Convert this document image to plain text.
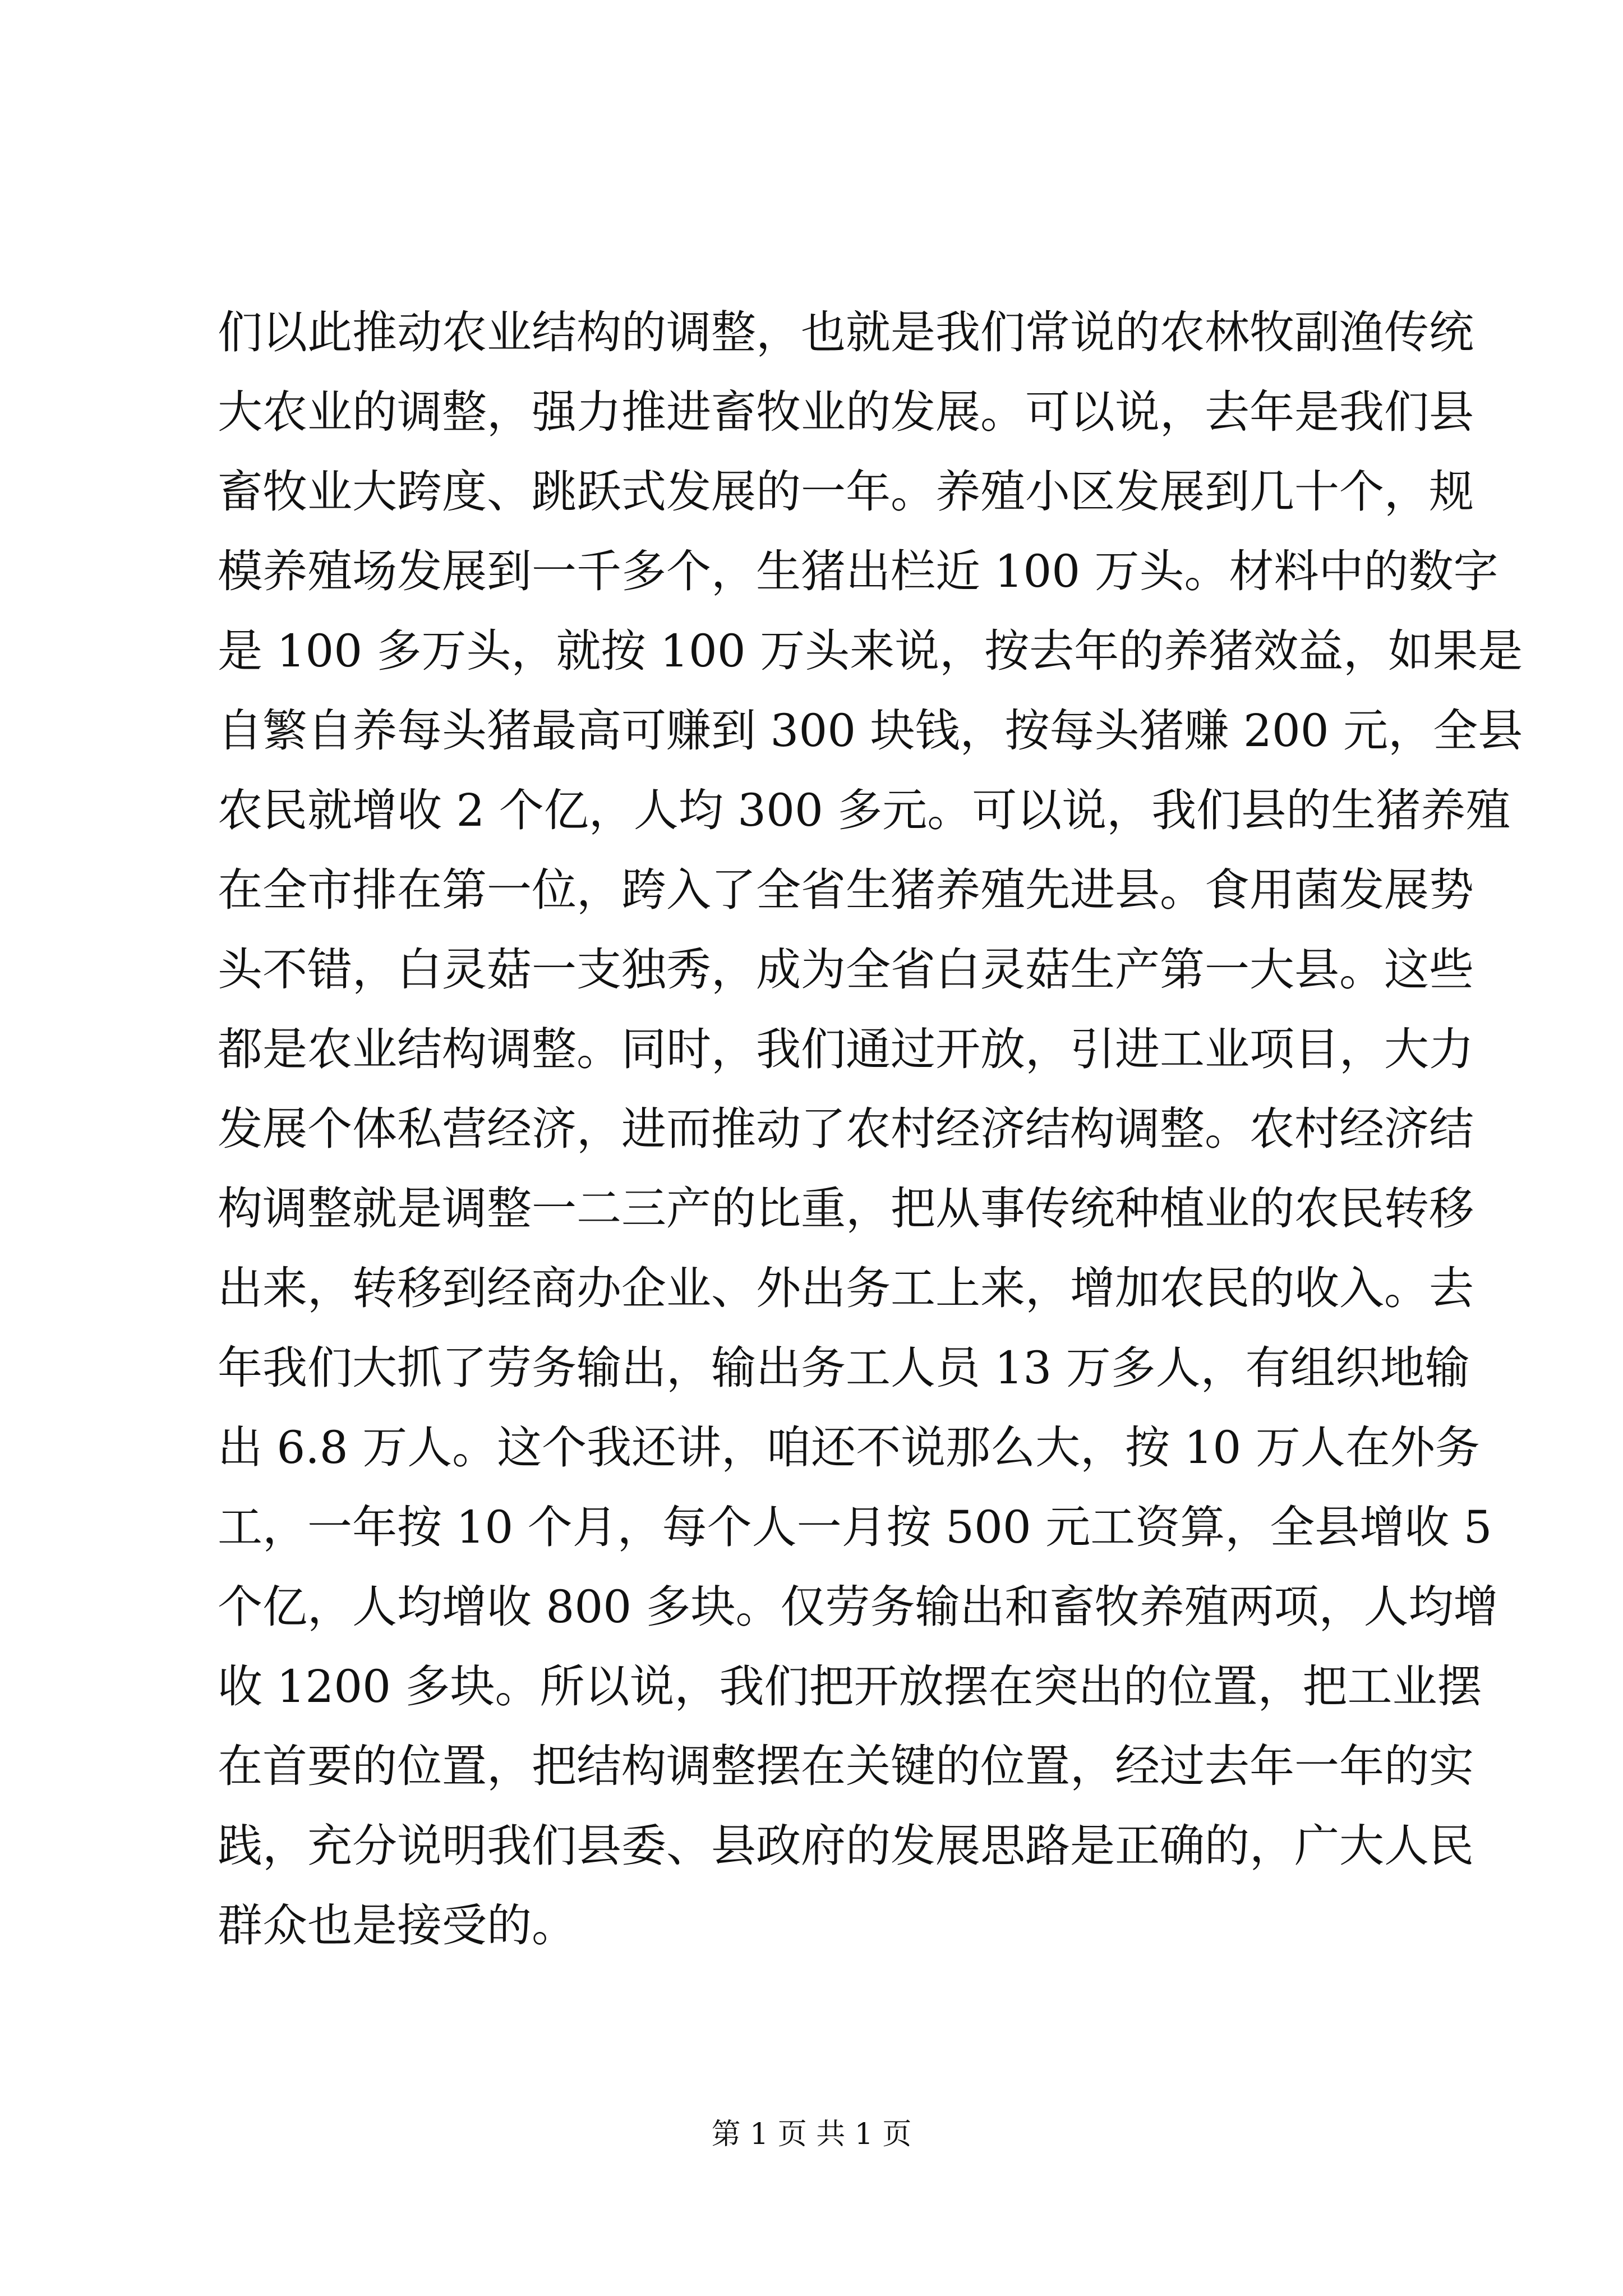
们以此推动农业结构的调整，也就是我们常说的农林牧副渔传统
大农业的调整，强力推进畜牧业的发展。可以说，去年是我们县
畜牧业大跨度、跳跃式发展的一年。养殖小区发展到几十个，规
模养殖场发展到一千多个，生猪出栏近 100 万头。材料中的数字
是 100 多万头，就按 100 万头来说，按去年的养猪效益，如果是
自繁自养每头猪最高可赚到 300 块钱，按每头猪赚 200 元，全县
农民就增收 2 个亿，人均 300 多元。可以说，我们县的生猪养殖
在全市排在第一位，跨入了全省生猪养殖先进县。食用菌发展势
头不错，白灵菇一支独秀，成为全省白灵菇生产第一大县。这些
都是农业结构调整。同时，我们通过开放，引进工业项目，大力
发展个体私营经济，进而推动了农村经济结构调整。农村经济结
构调整就是调整一二三产的比重，把从事传统种植业的农民转移
出来，转移到经商办企业、外出务工上来，增加农民的收入。去
年我们大抓了劳务输出，输出务工人员 13 万多人，有组织地输
出 6.8 万人。这个我还讲，咱还不说那么大，按 10 万人在外务
工，一年按 10 个月，每个人一月按 500 元工资算，全县增收 5
个亿，人均增收 800 多块。仅劳务输出和畜牧养殖两项，人均增
收 1200 多块。所以说，我们把开放摆在突出的位置，把工业摆
在首要的位置，把结构调整摆在关键的位置，经过去年一年的实
践，充分说明我们县委、县政府的发展思路是正确的，广大人民
群众也是接受的。
第 1 页 共 1 页
